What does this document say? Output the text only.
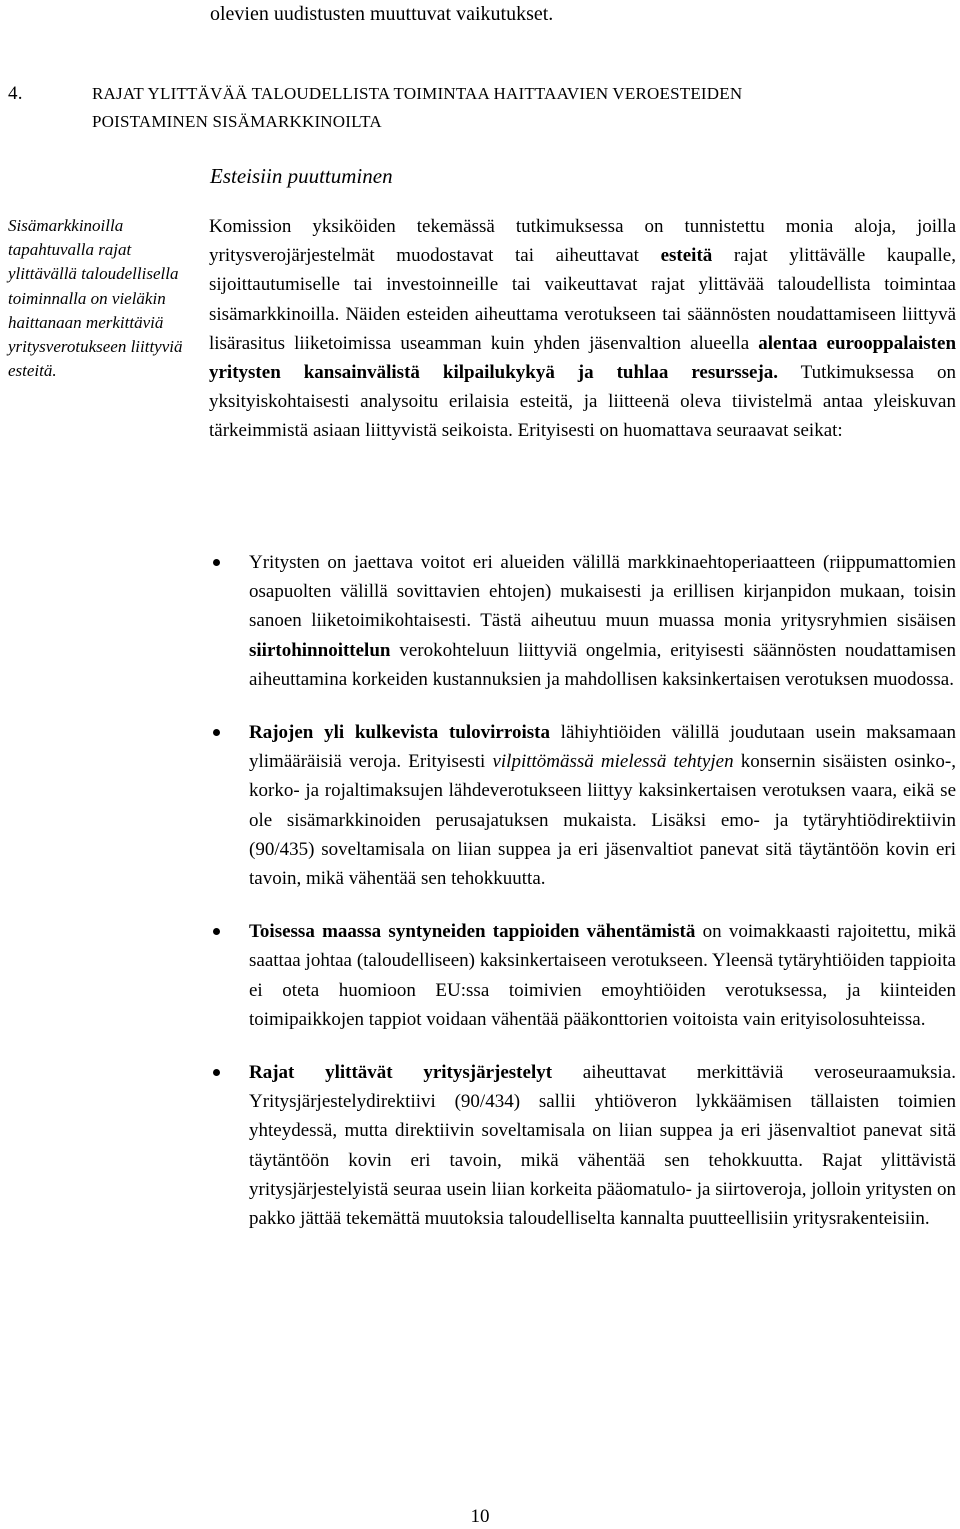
olevien uudistusten muuttuvat vaikutukset.
4.	RAJAT YLITTÄVÄÄ TALOUDELLISTA TOIMINTAA HAITTAAVIEN VEROESTEIDEN
POISTAMINEN SISÄMARKKINOILTA
Esteisiin puuttuminen
Sisämarkkinoilla tapahtuvalla rajat ylittävällä taloudellisella toiminnalla on vieläkin haittanaan merkittäviä yritysverotukseen liittyviä esteitä.

Komission yksiköiden tekemässä tutkimuksessa on tunnistettu monia aloja, joilla yritysverojärjestelmät muodostavat tai aiheuttavat esteitä rajat ylittävälle kaupalle, sijoittautumiselle tai investoinneille tai vaikeuttavat rajat ylittävää taloudellista toimintaa sisämarkkinoilla. Näiden esteiden aiheuttama verotukseen tai säännösten noudattamiseen liittyvä lisärasitus liiketoimissa useamman kuin yhden jäsenvaltion alueella alentaa eurooppalaisten yritysten kansainvälistä kilpailukykyä ja tuhlaa resursseja. Tutkimuksessa on yksityiskohtaisesti analysoitu erilaisia esteitä, ja liitteenä oleva tiivistelmä antaa yleiskuvan tärkeimmistä asiaan liittyvistä seikoista. Erityisesti on huomattava seuraavat seikat:

Yritysten on jaettava voitot eri alueiden välillä markkinaehtoperiaatteen (riippumattomien osapuolten välillä sovittavien ehtojen) mukaisesti ja erillisen kirjanpidon mukaan, toisin sanoen liiketoimikohtaisesti. Tästä aiheutuu muun muassa monia yritysryhmien sisäisen siirtohinnoittelun verokohteluun liittyviä ongelmia, erityisesti säännösten noudattamisen aiheuttamina korkeiden kustannuksien ja mahdollisen kaksinkertaisen verotuksen muodossa.
Rajojen yli kulkevista tulovirroista lähiyhtiöiden välillä joudutaan usein maksamaan ylimääräisiä veroja. Erityisesti vilpittömässä mielessä tehtyjen konsernin sisäisten osinko-, korko- ja rojaltimaksujen lähdeverotukseen liittyy kaksinkertaisen verotuksen vaara, eikä se ole sisämarkkinoiden perusajatuksen mukaista. Lisäksi emo- ja tytäryhtiödirektiivin (90/435) soveltamisala on liian suppea ja eri jäsenvaltiot panevat sitä täytäntöön kovin eri tavoin, mikä vähentää sen tehokkuutta.
Toisessa maassa syntyneiden tappioiden vähentämistä on voimakkaasti rajoitettu, mikä saattaa johtaa (taloudelliseen) kaksinkertaiseen verotukseen. Yleensä tytäryhtiöiden tappioita ei oteta huomioon EU:ssa toimivien emoyhtiöiden verotuksessa, ja kiinteiden toimipaikkojen tappiot voidaan vähentää pääkonttorien voitoista vain erityisolosuhteissa.
Rajat ylittävät yritysjärjestelyt aiheuttavat merkittäviä veroseuraamuksia. Yritysjärjestelydirektiivi (90/434) sallii yhtiöveron lykkäämisen tällaisten toimien yhteydessä, mutta direktiivin soveltamisala on liian suppea ja eri jäsenvaltiot panevat sitä täytäntöön kovin eri tavoin, mikä vähentää sen tehokkuutta. Rajat ylittävistä yritysjärjestelyistä seuraa usein liian korkeita pääomatulo- ja siirtoveroja, jolloin yritysten on pakko jättää tekemättä muutoksia taloudelliselta kannalta puutteellisiin yritysrakenteisiin.
10
